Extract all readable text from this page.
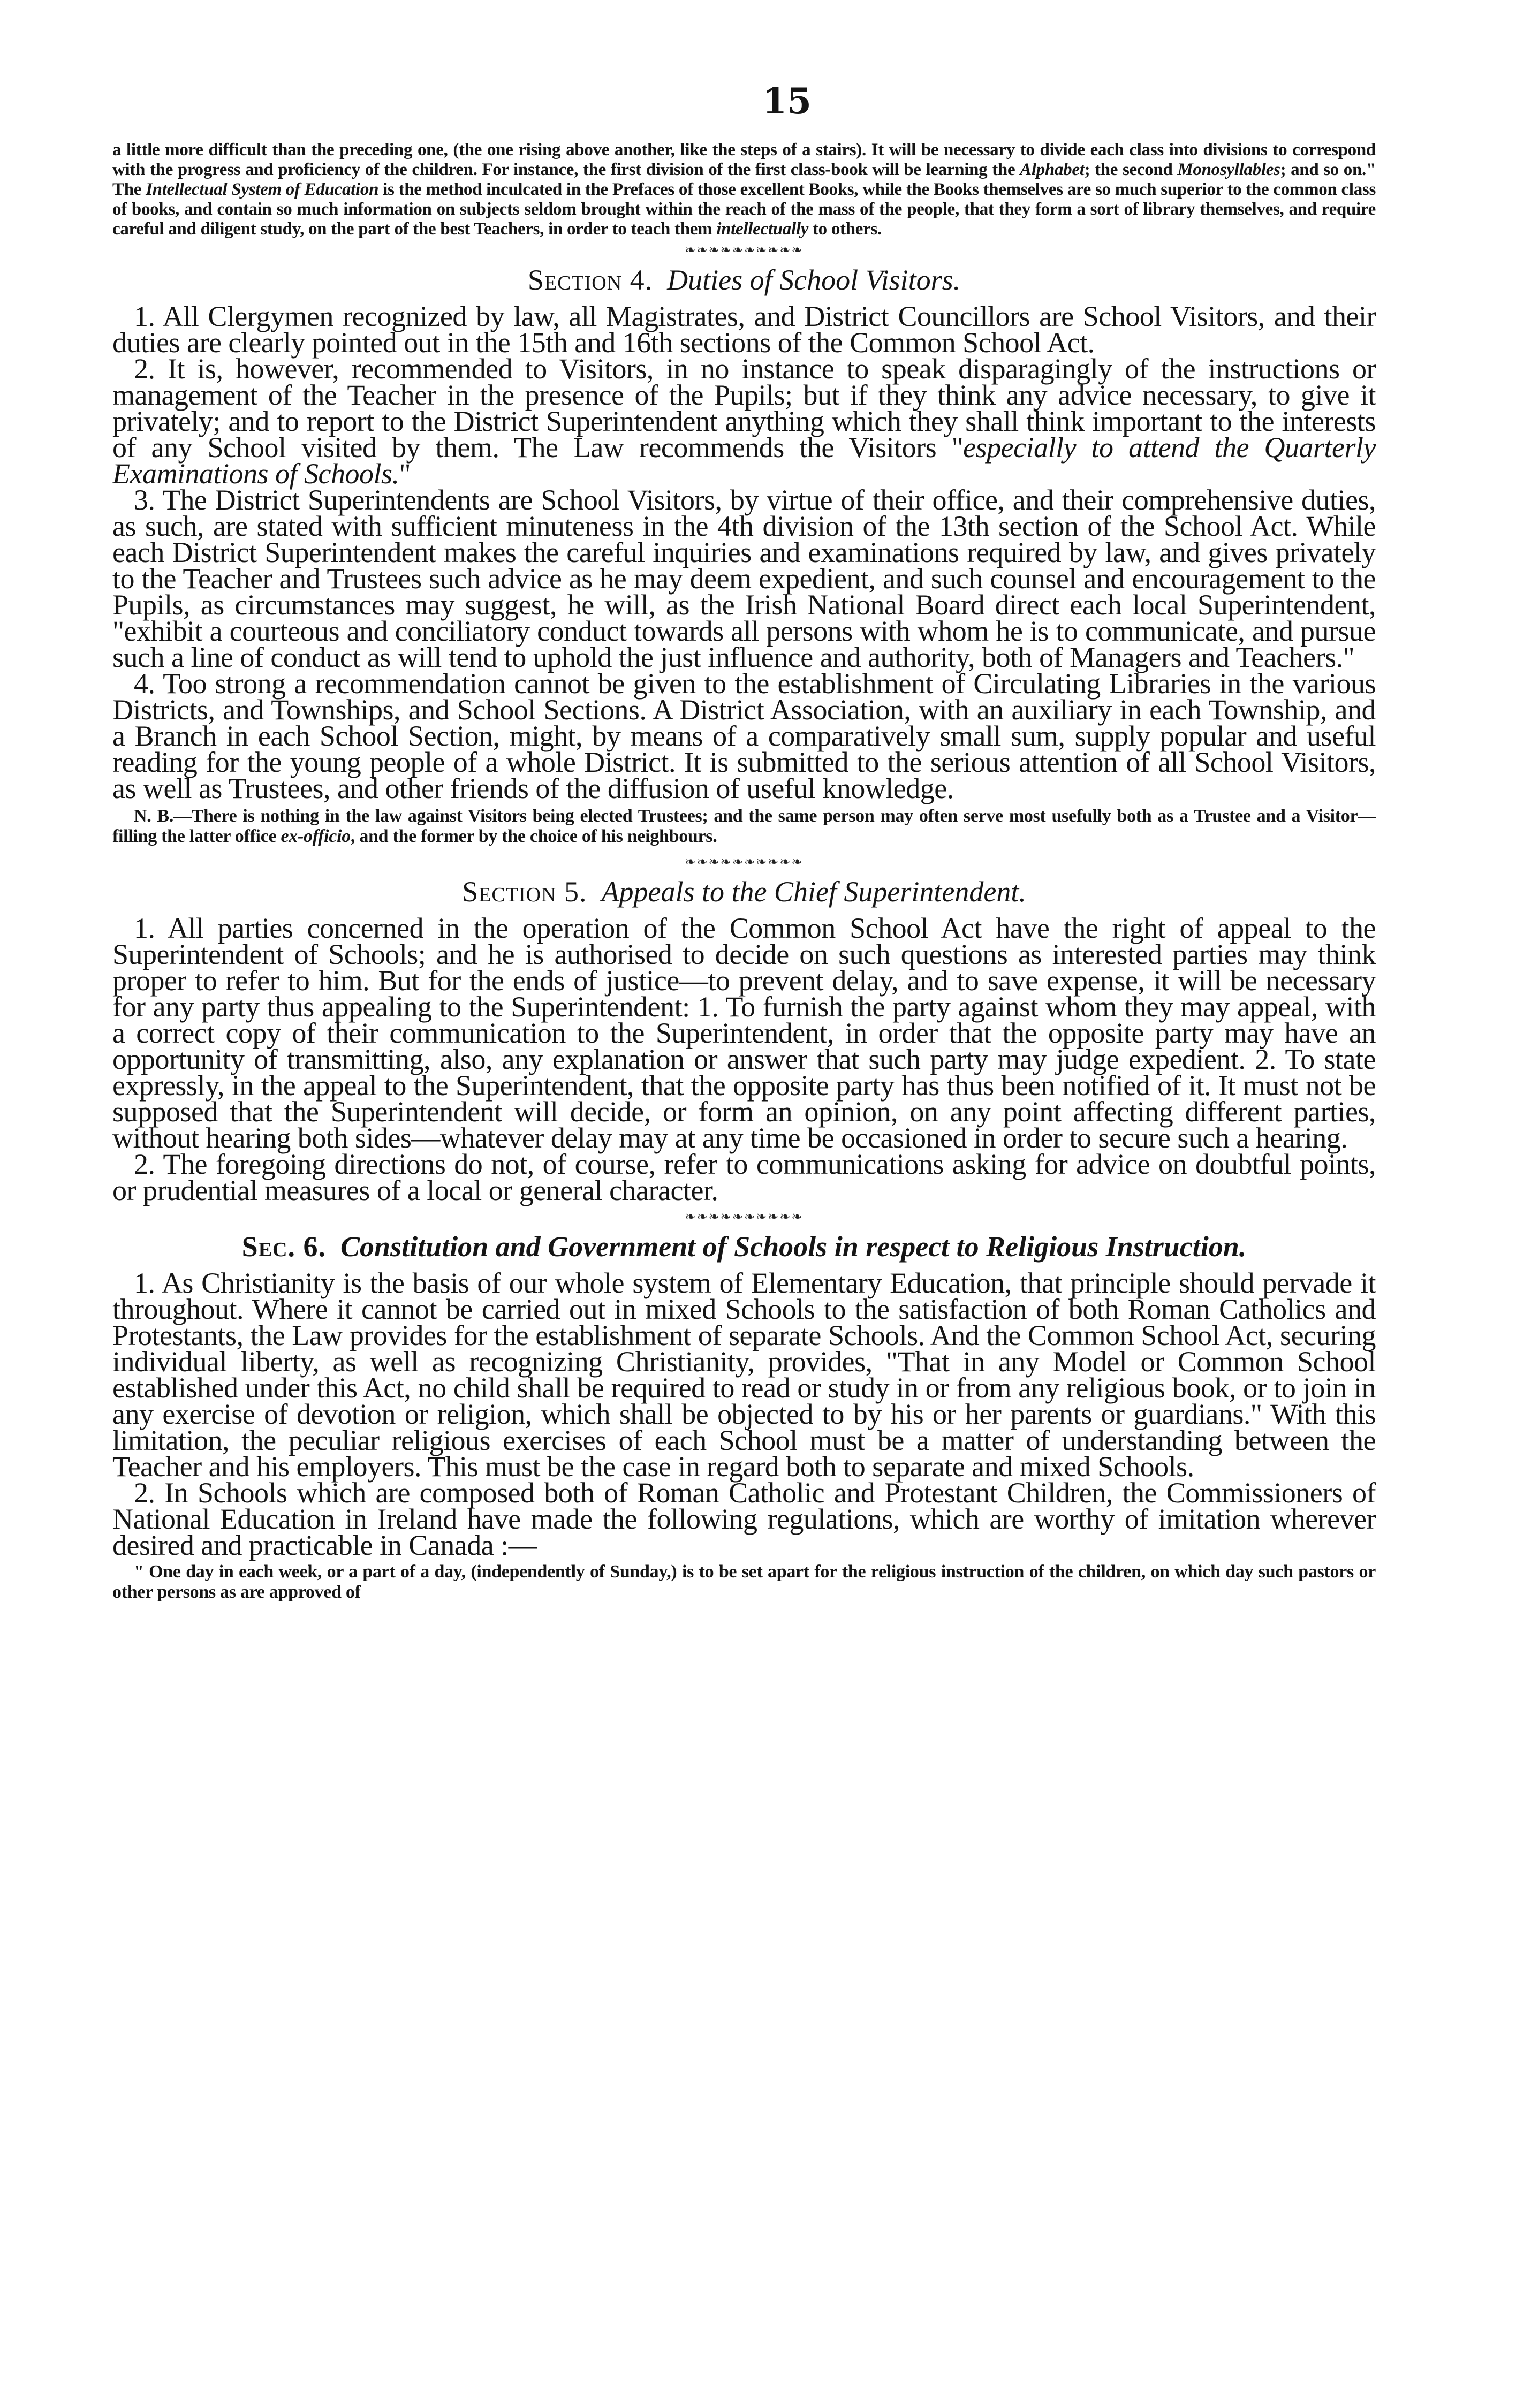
15

a little more difficult than the preceding one, (the one rising above another, like the steps of a stairs). It will be necessary to divide each class into divisions to correspond with the progress and proficiency of the children. For instance, the first division of the first class-book will be learning the Alphabet; the second Monosyllables; and so on." The Intellectual System of Education is the method inculcated in the Prefaces of those excellent Books, while the Books themselves are so much superior to the common class of books, and contain so much information on subjects seldom brought within the reach of the mass of the people, that they form a sort of library themselves, and require careful and diligent study, on the part of the best Teachers, in order to teach them intellectually to others.

❧❧❧❧❧❧❧❧❧❧
Section 4. Duties of School Visitors.

1. All Clergymen recognized by law, all Magistrates, and District Councillors are School Visitors, and their duties are clearly pointed out in the 15th and 16th sections of the Common School Act.

2. It is, however, recommended to Visitors, in no instance to speak disparagingly of the instructions or management of the Teacher in the presence of the Pupils; but if they think any advice necessary, to give it privately; and to report to the District Superintendent anything which they shall think important to the interests of any School visited by them. The Law recommends the Visitors "especially to attend the Quarterly Examinations of Schools."

3. The District Superintendents are School Visitors, by virtue of their office, and their comprehensive duties, as such, are stated with sufficient minuteness in the 4th division of the 13th section of the School Act. While each District Superintendent makes the careful inquiries and examinations required by law, and gives privately to the Teacher and Trustees such advice as he may deem expedient, and such counsel and encouragement to the Pupils, as circumstances may suggest, he will, as the Irish National Board direct each local Superintendent, "exhibit a courteous and conciliatory conduct towards all persons with whom he is to communicate, and pursue such a line of conduct as will tend to uphold the just influence and authority, both of Managers and Teachers."

4. Too strong a recommendation cannot be given to the establishment of Circulating Libraries in the various Districts, and Townships, and School Sections. A District Association, with an auxiliary in each Township, and a Branch in each School Section, might, by means of a comparatively small sum, supply popular and useful reading for the young people of a whole District. It is submitted to the serious attention of all School Visitors, as well as Trustees, and other friends of the diffusion of useful knowledge.

N. B.—There is nothing in the law against Visitors being elected Trustees; and the same person may often serve most usefully both as a Trustee and a Visitor—filling the latter office ex-officio, and the former by the choice of his neighbours.

❧❧❧❧❧❧❧❧❧❧
Section 5. Appeals to the Chief Superintendent.

1. All parties concerned in the operation of the Common School Act have the right of appeal to the Superintendent of Schools; and he is authorised to decide on such questions as interested parties may think proper to refer to him. But for the ends of justice—to prevent delay, and to save expense, it will be necessary for any party thus appealing to the Superintendent: 1. To furnish the party against whom they may appeal, with a correct copy of their communication to the Superintendent, in order that the opposite party may have an opportunity of transmitting, also, any explanation or answer that such party may judge expedient. 2. To state expressly, in the appeal to the Superintendent, that the opposite party has thus been notified of it. It must not be supposed that the Superintendent will decide, or form an opinion, on any point affecting different parties, without hearing both sides—whatever delay may at any time be occasioned in order to secure such a hearing.

2. The foregoing directions do not, of course, refer to communications asking for advice on doubtful points, or prudential measures of a local or general character.

❧❧❧❧❧❧❧❧❧❧
Sec. 6. Constitution and Government of Schools in respect to Religious Instruction.

1. As Christianity is the basis of our whole system of Elementary Education, that principle should pervade it throughout. Where it cannot be carried out in mixed Schools to the satisfaction of both Roman Catholics and Protestants, the Law provides for the establishment of separate Schools. And the Common School Act, securing individual liberty, as well as recognizing Christianity, provides, "That in any Model or Common School established under this Act, no child shall be required to read or study in or from any religious book, or to join in any exercise of devotion or religion, which shall be objected to by his or her parents or guardians." With this limitation, the peculiar religious exercises of each School must be a matter of understanding between the Teacher and his employers. This must be the case in regard both to separate and mixed Schools.

2. In Schools which are composed both of Roman Catholic and Protestant Children, the Commissioners of National Education in Ireland have made the following regulations, which are worthy of imitation wherever desired and practicable in Canada :—

" One day in each week, or a part of a day, (independently of Sunday,) is to be set apart for the religious instruction of the children, on which day such pastors or other persons as are approved of
